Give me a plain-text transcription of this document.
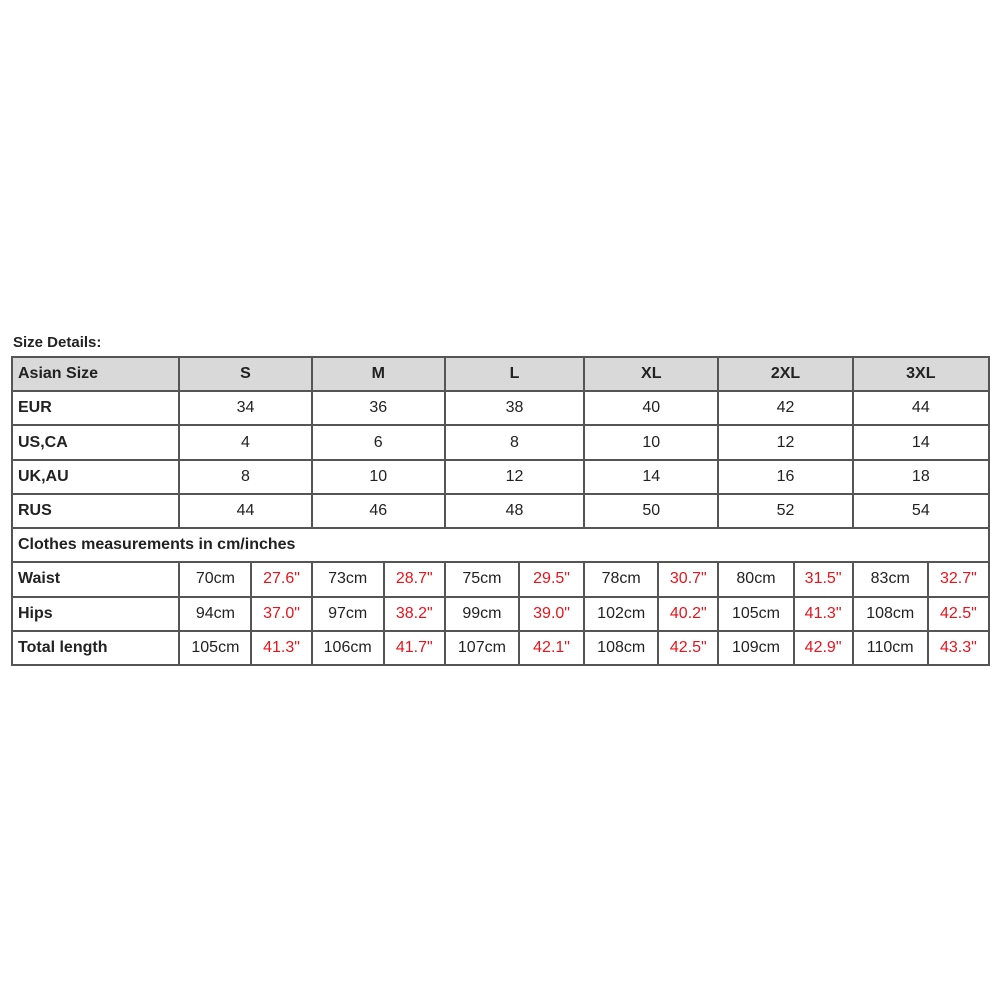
Size Details:
Asian Size	S		M		L		XL		2XL		3XL	
EUR	34		36		38		40		42		44	
US,CA	4		6		8		10		12		14	
UK,AU	8		10		12		14		16		18	
RUS	44		46		48		50		52		54	
Clothes measurements in cm/inches												
Waist	70cm	27.6"	73cm	28.7"	75cm	29.5"	78cm	30.7"	80cm	31.5"	83cm	32.7"
Hips	94cm	37.0"	97cm	38.2"	99cm	39.0"	102cm	40.2"	105cm	41.3"	108cm	42.5"
Total length	105cm	41.3"	106cm	41.7"	107cm	42.1"	108cm	42.5"	109cm	42.9"	110cm	43.3"
